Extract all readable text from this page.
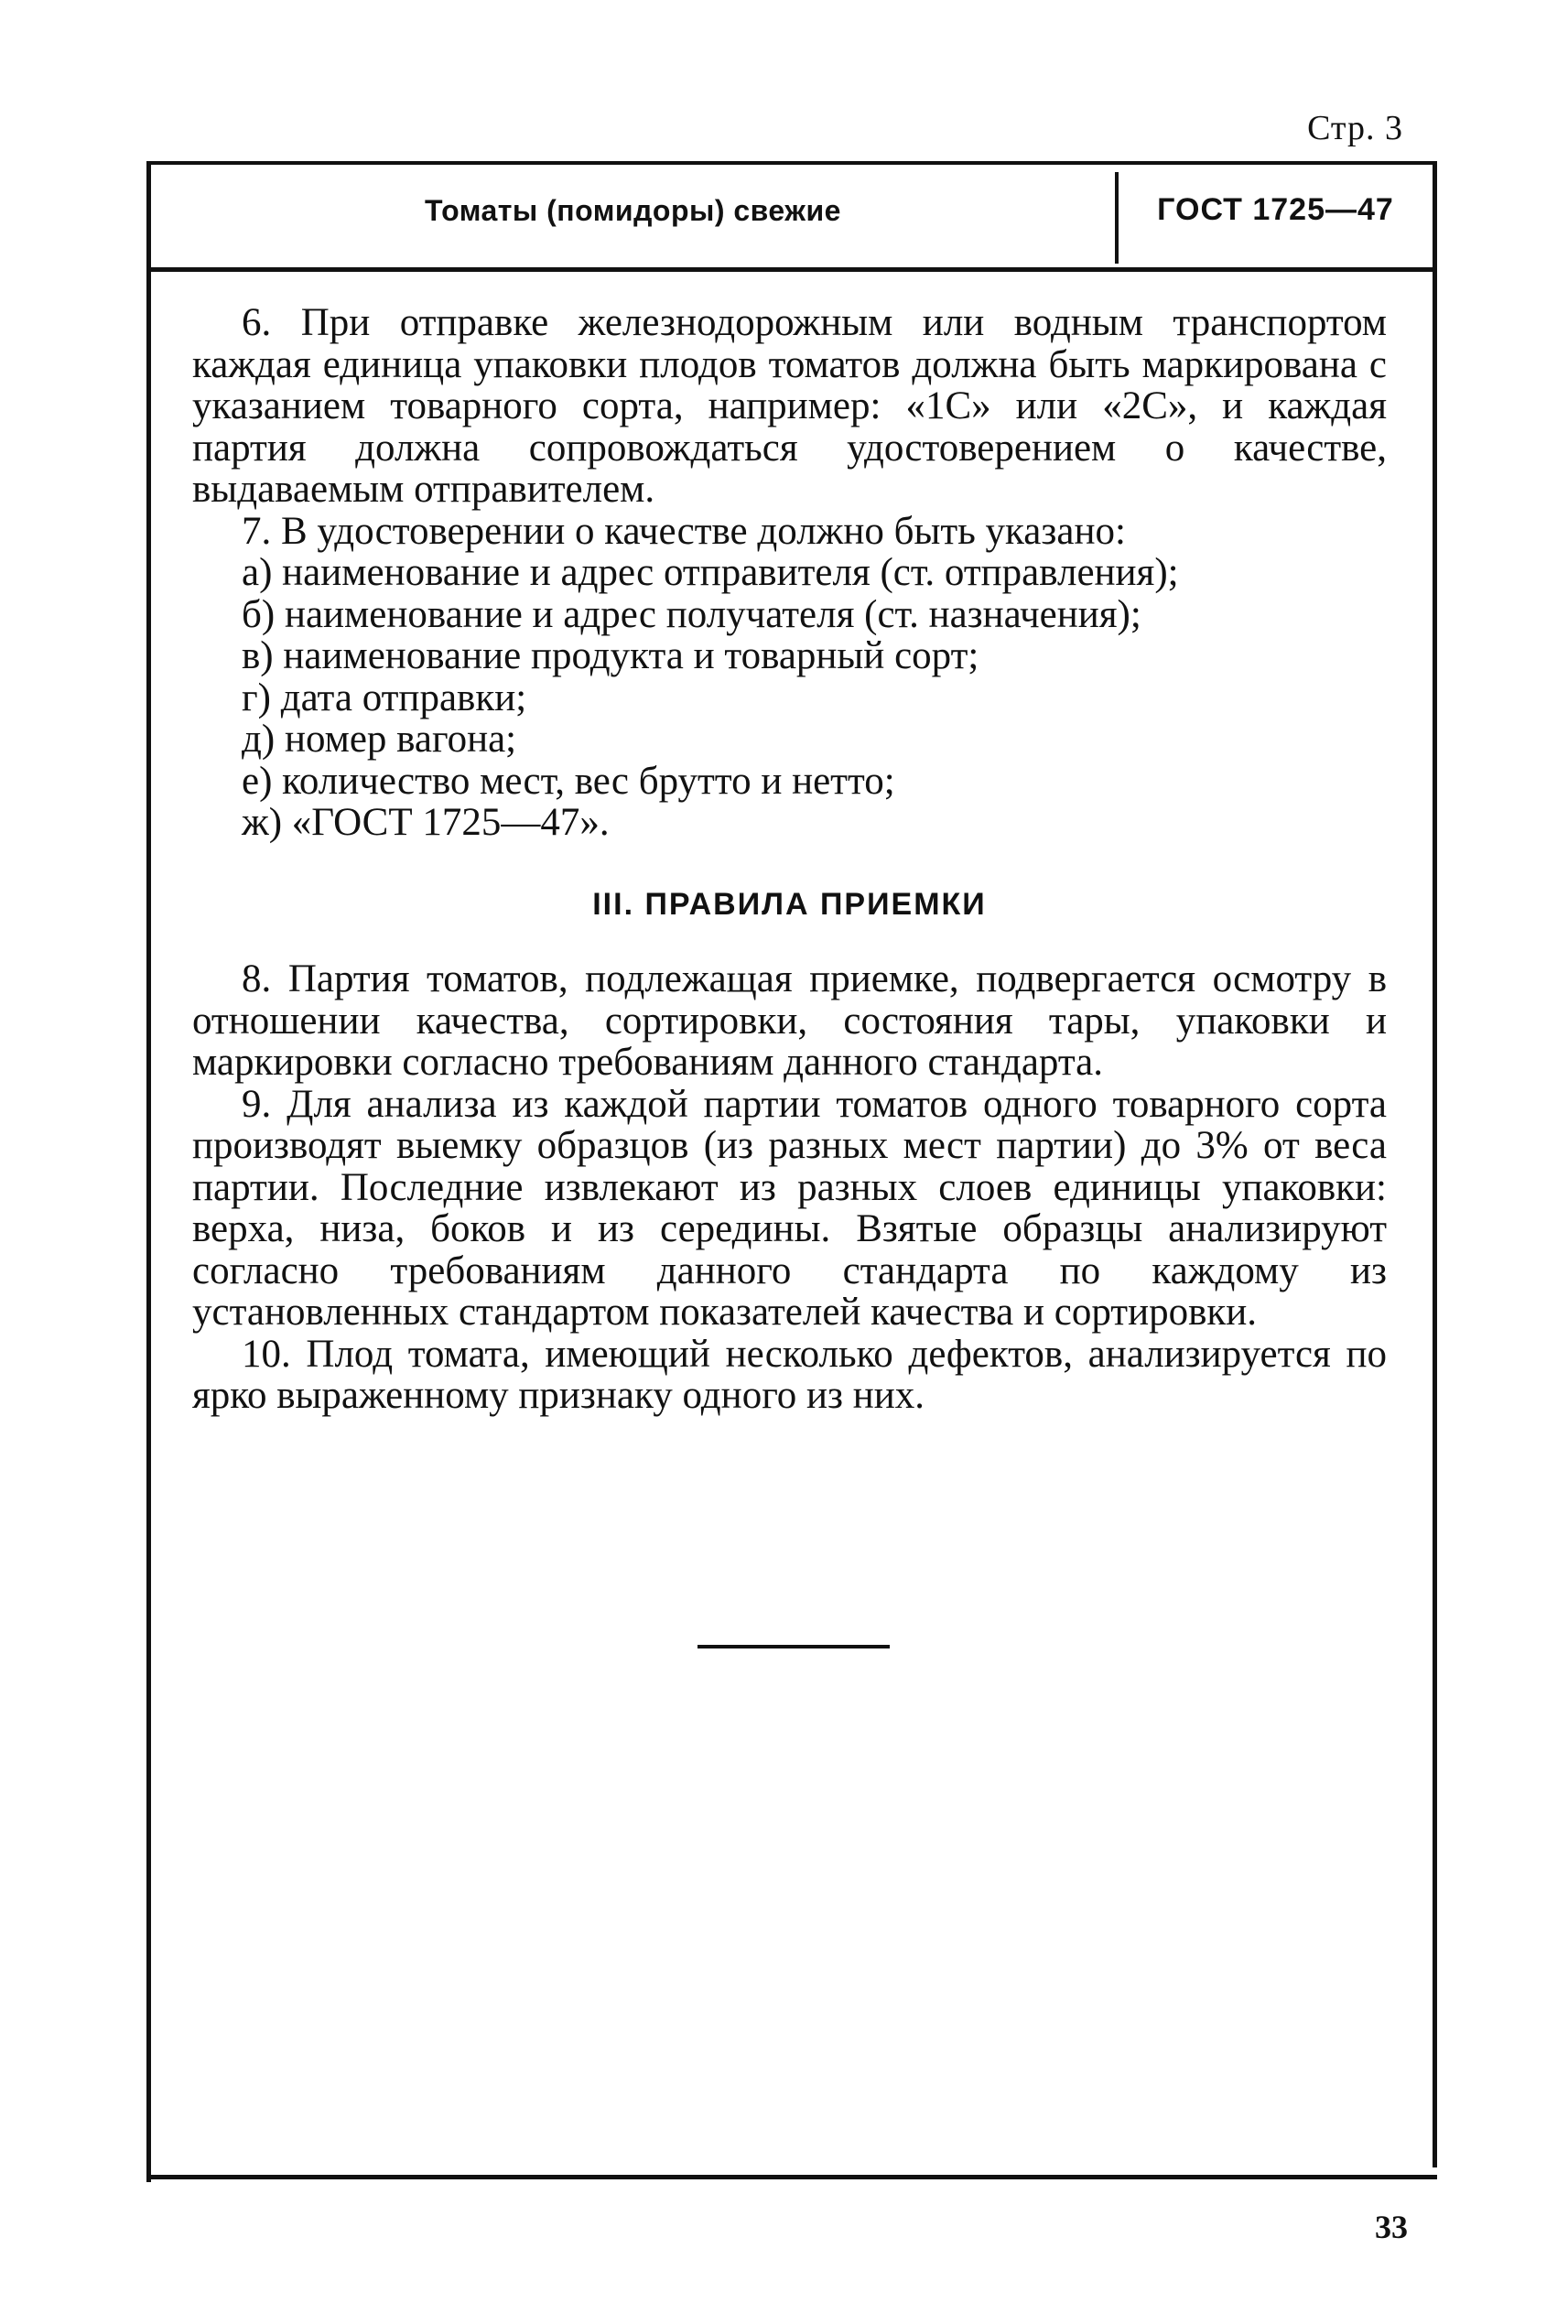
Стр. 3
Томаты (помидоры) свежие	ГОСТ 1725—47

6. При отправке железнодорожным или водным транспортом каждая единица упаковки плодов томатов должна быть маркирована с указанием товарного сорта, например: «1С» или «2С», и каждая партия должна сопровождаться удостоверением о качестве, выдаваемым отправителем.

7. В удостоверении о качестве должно быть указано:

а) наименование и адрес отправителя (ст. отправления);
б) наименование и адрес получателя (ст. назначения);
в) наименование продукта и товарный сорт;
г) дата отправки;
д) номер вагона;
е) количество мест, вес брутто и нетто;
ж) «ГОСТ 1725—47».
III. ПРАВИЛА ПРИЕМКИ

8. Партия томатов, подлежащая приемке, подвергается осмотру в отношении качества, сортировки, состояния тары, упаковки и маркировки согласно требованиям данного стандарта.

9. Для анализа из каждой партии томатов одного товарного сорта производят выемку образцов (из разных мест партии) до 3% от веса партии. Последние извлекают из разных слоев единицы упаковки: верха, низа, боков и из середины. Взятые образцы анализируют согласно требованиям данного стандарта по каждому из установленных стандартом показателей качества и сортировки.

10. Плод томата, имеющий несколько дефектов, анализируется по ярко выраженному признаку одного из них.

33
